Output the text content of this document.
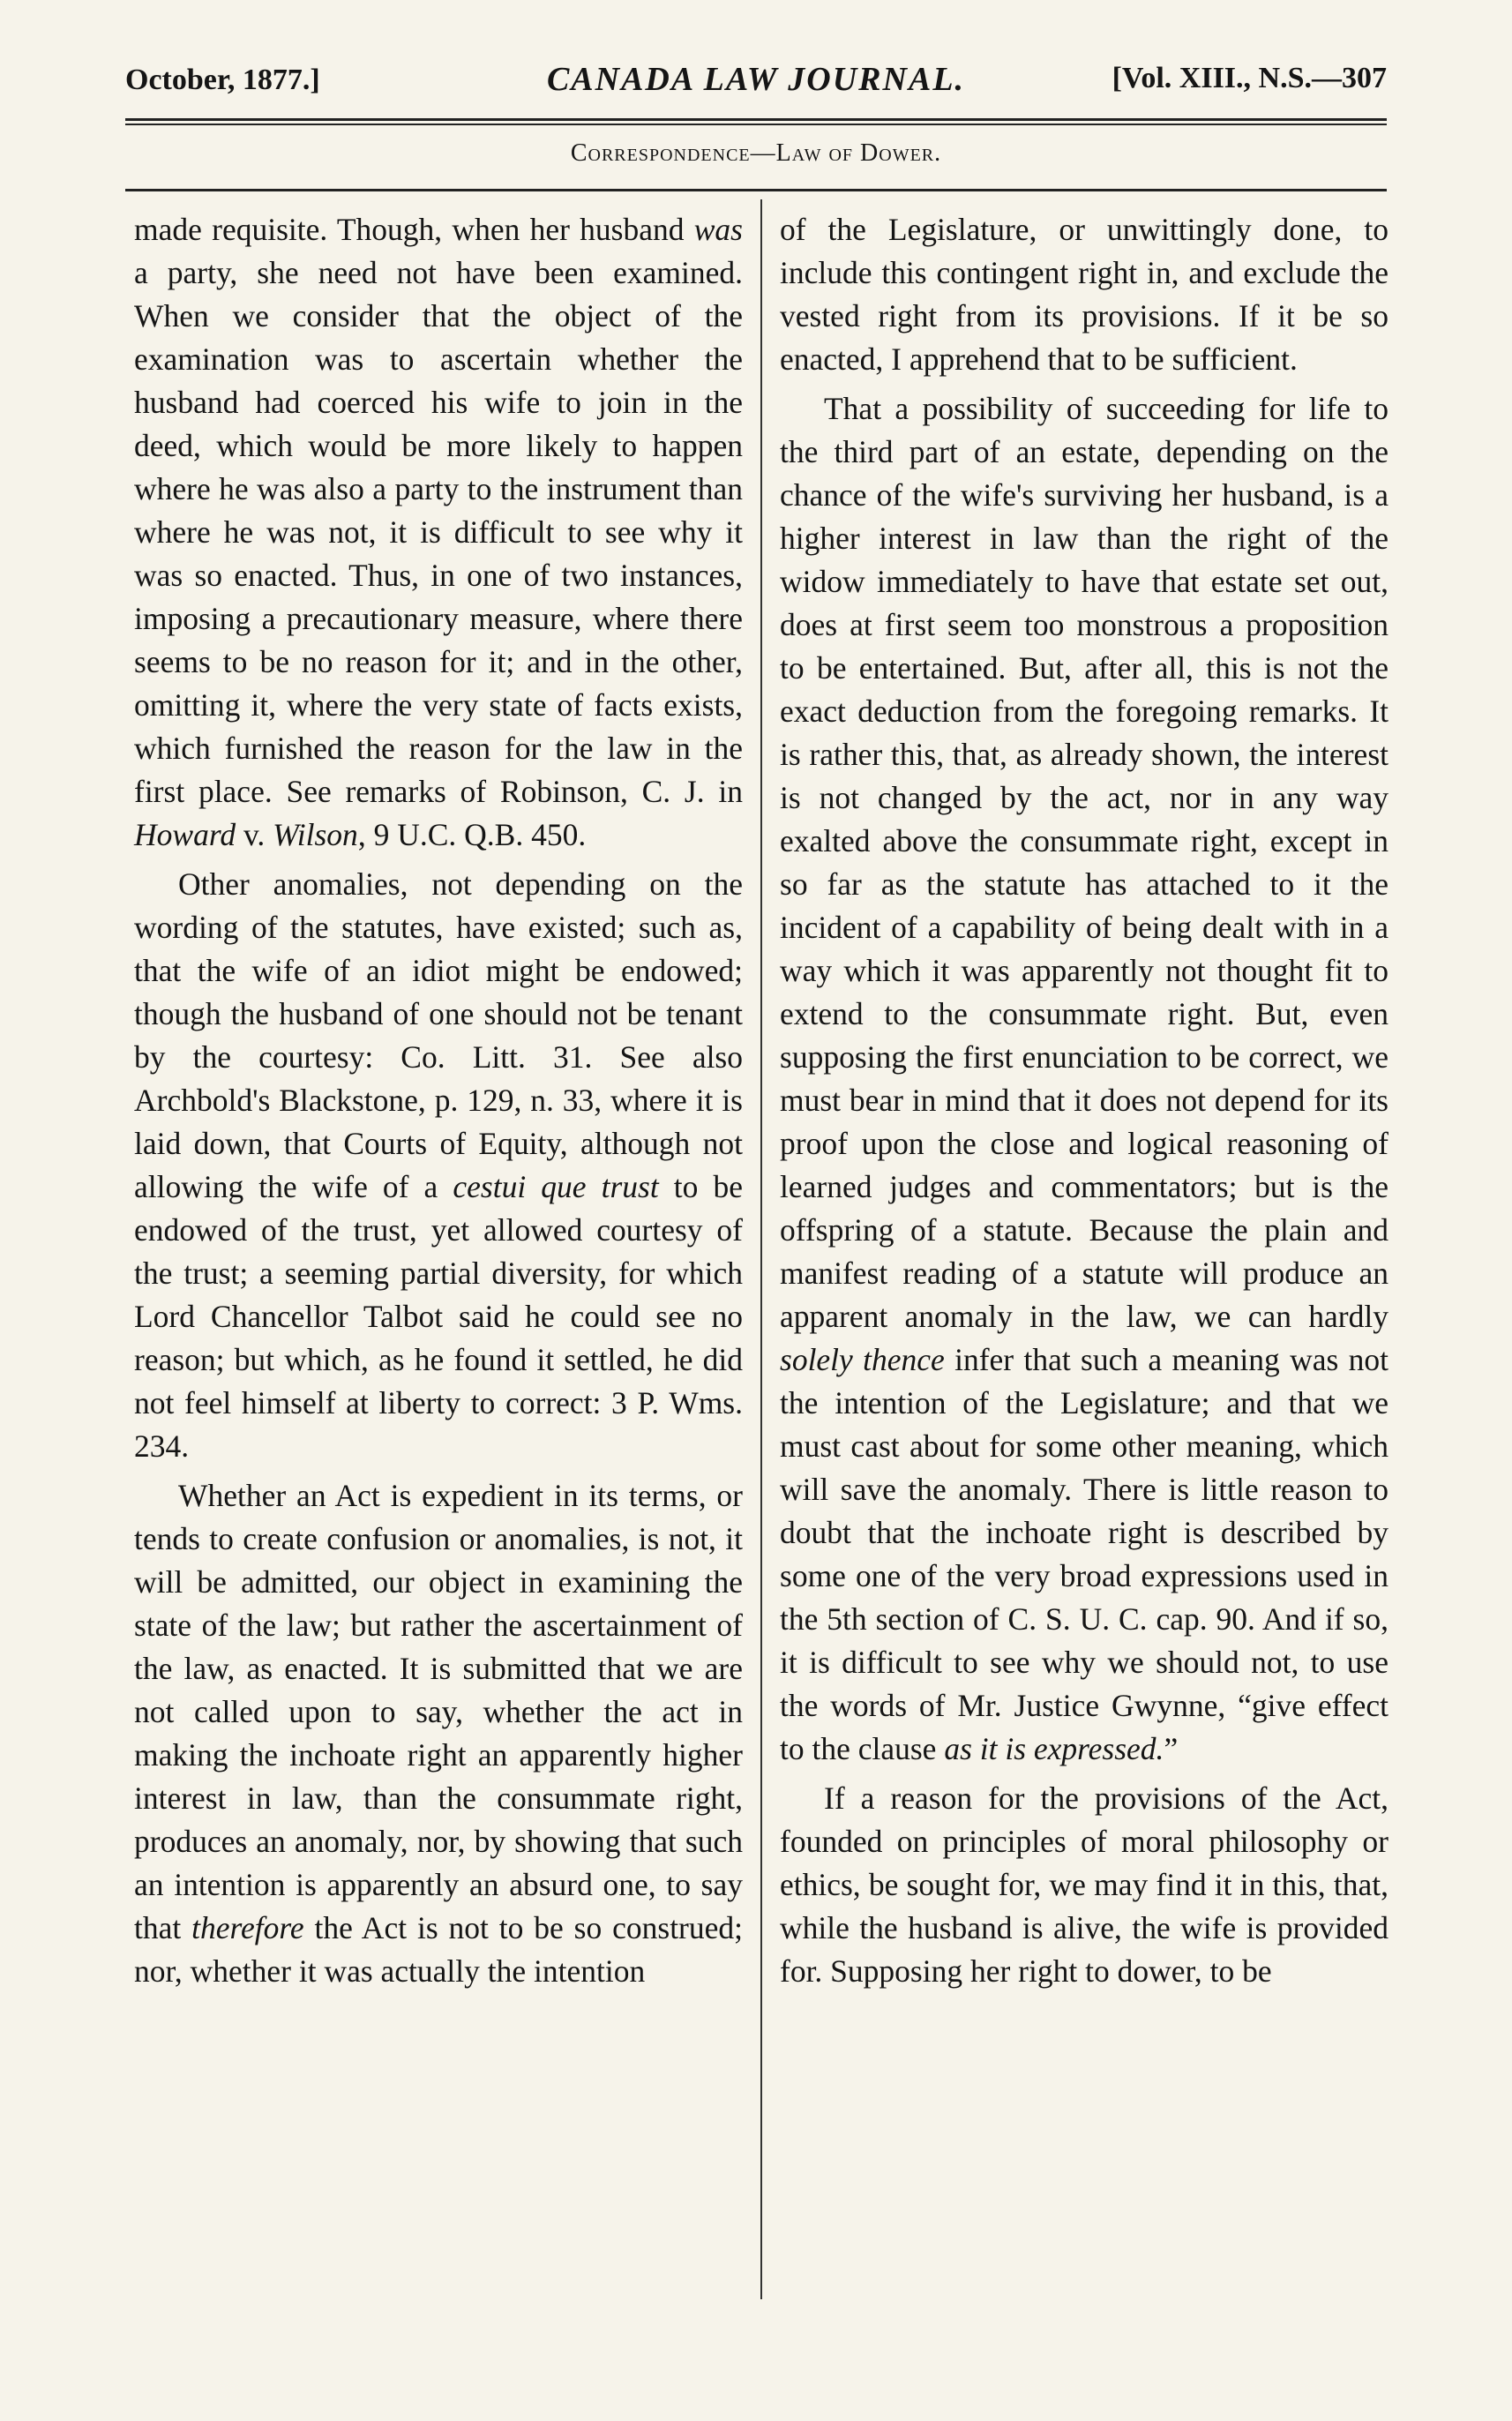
October, 1877.]	CANADA LAW JOURNAL.	[Vol. XIII., N.S.—307
Correspondence—Law of Dower.

made requisite. Though, when her husband was a party, she need not have been examined. When we consider that the object of the examination was to ascertain whether the husband had coerced his wife to join in the deed, which would be more likely to happen where he was also a party to the instrument than where he was not, it is difficult to see why it was so enacted. Thus, in one of two instances, imposing a precautionary measure, where there seems to be no reason for it; and in the other, omitting it, where the very state of facts exists, which furnished the reason for the law in the first place. See remarks of Robinson, C. J. in Howard v. Wilson, 9 U.C. Q.B. 450.

Other anomalies, not depending on the wording of the statutes, have existed; such as, that the wife of an idiot might be endowed; though the husband of one should not be tenant by the courtesy: Co. Litt. 31. See also Archbold's Blackstone, p. 129, n. 33, where it is laid down, that Courts of Equity, although not allowing the wife of a cestui que trust to be endowed of the trust, yet allowed courtesy of the trust; a seeming partial diversity, for which Lord Chancellor Talbot said he could see no reason; but which, as he found it settled, he did not feel himself at liberty to correct: 3 P. Wms. 234.

Whether an Act is expedient in its terms, or tends to create confusion or anomalies, is not, it will be admitted, our object in examining the state of the law; but rather the ascertainment of the law, as enacted. It is submitted that we are not called upon to say, whether the act in making the inchoate right an apparently higher interest in law, than the consummate right, produces an anomaly, nor, by showing that such an intention is apparently an absurd one, to say that therefore the Act is not to be so construed; nor, whether it was actually the intention

of the Legislature, or unwittingly done, to include this contingent right in, and exclude the vested right from its provisions. If it be so enacted, I apprehend that to be sufficient.

That a possibility of succeeding for life to the third part of an estate, depending on the chance of the wife's surviving her husband, is a higher interest in law than the right of the widow immediately to have that estate set out, does at first seem too monstrous a proposition to be entertained. But, after all, this is not the exact deduction from the foregoing remarks. It is rather this, that, as already shown, the interest is not changed by the act, nor in any way exalted above the consummate right, except in so far as the statute has attached to it the incident of a capability of being dealt with in a way which it was apparently not thought fit to extend to the consummate right. But, even supposing the first enunciation to be correct, we must bear in mind that it does not depend for its proof upon the close and logical reasoning of learned judges and commentators; but is the offspring of a statute. Because the plain and manifest reading of a statute will produce an apparent anomaly in the law, we can hardly solely thence infer that such a meaning was not the intention of the Legislature; and that we must cast about for some other meaning, which will save the anomaly. There is little reason to doubt that the inchoate right is described by some one of the very broad expressions used in the 5th section of C. S. U. C. cap. 90. And if so, it is difficult to see why we should not, to use the words of Mr. Justice Gwynne, “give effect to the clause as it is expressed.”

If a reason for the provisions of the Act, founded on principles of moral philosophy or ethics, be sought for, we may find it in this, that, while the husband is alive, the wife is provided for. Supposing her right to dower, to be
